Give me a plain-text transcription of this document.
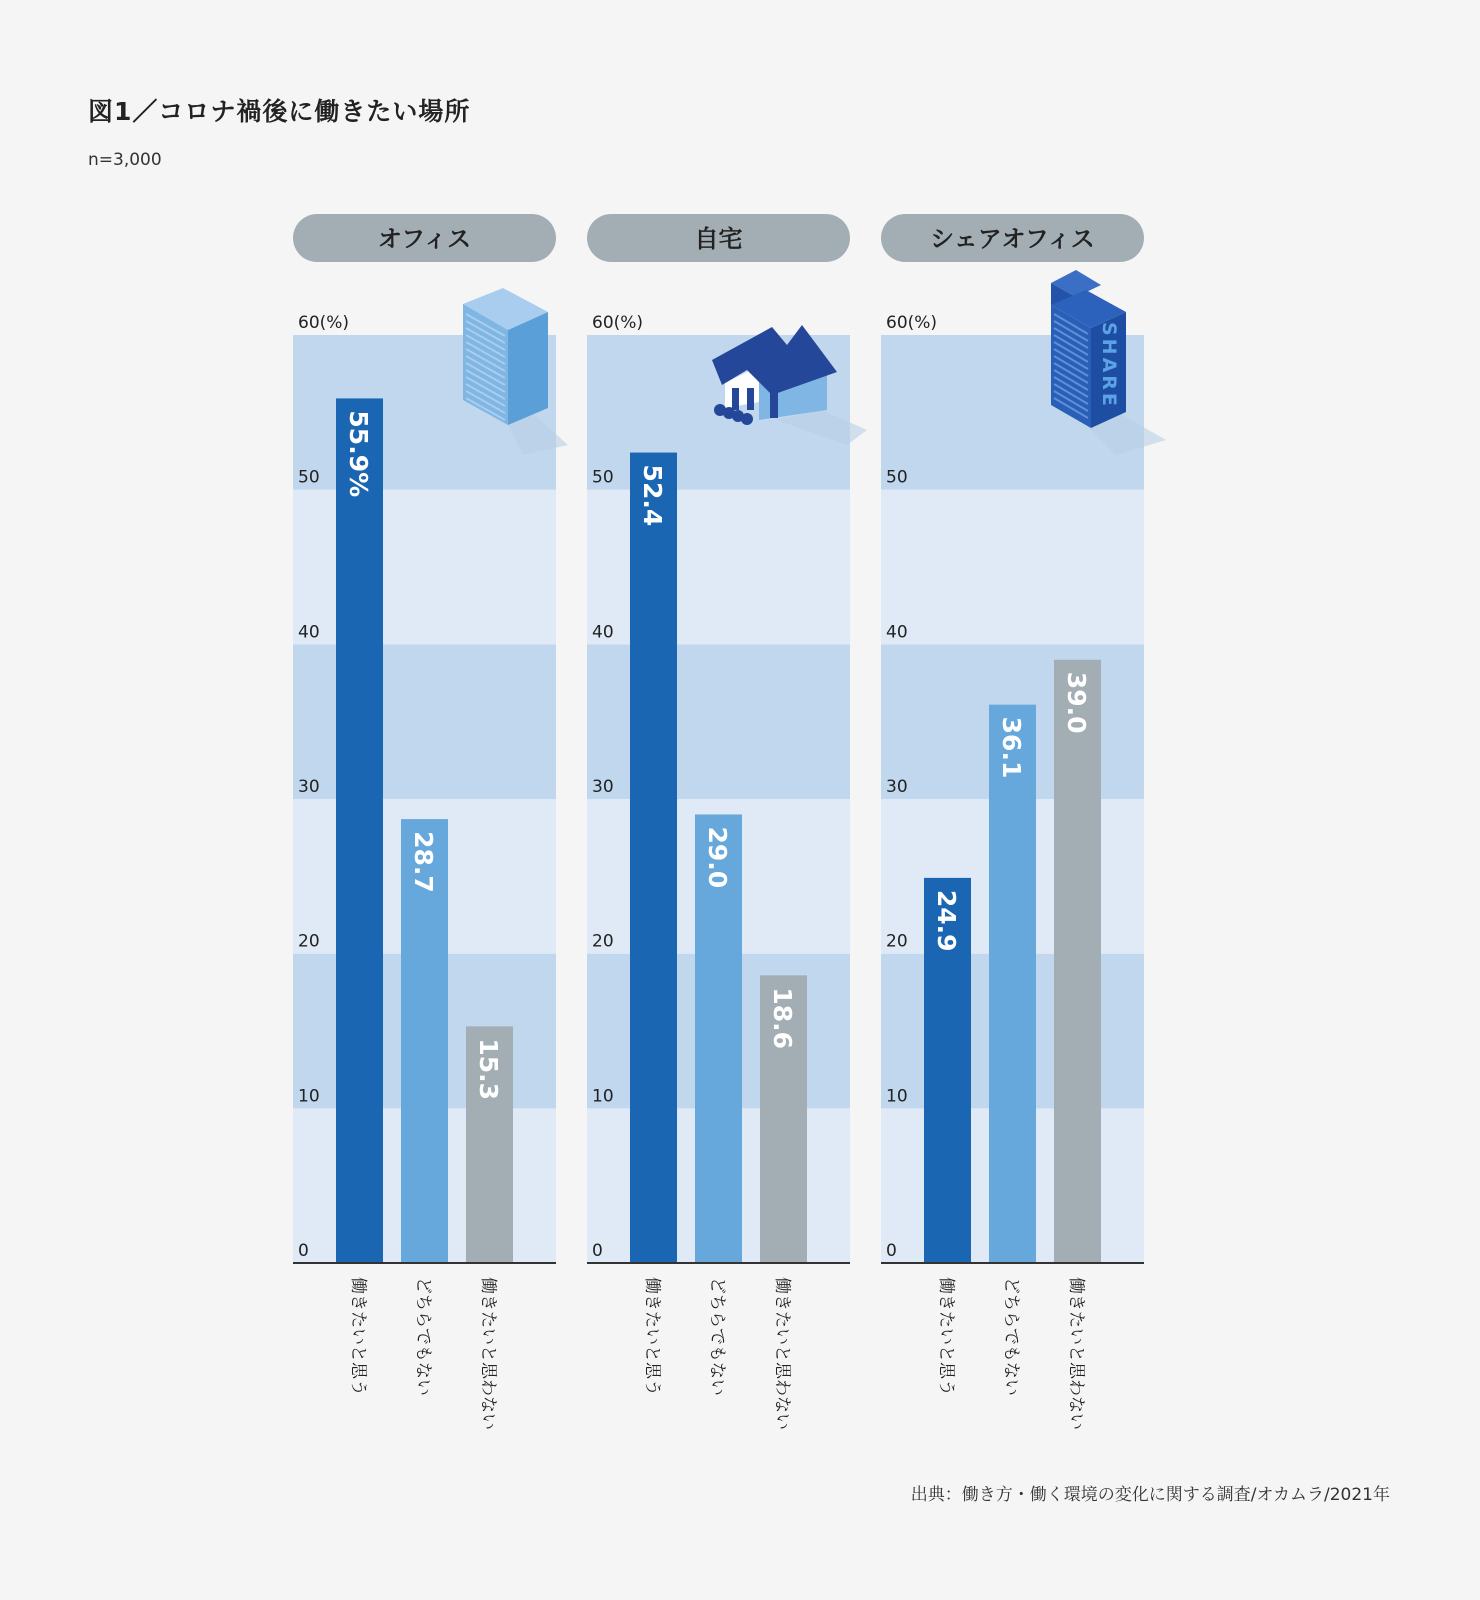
図1／コロナ禍後に働きたい場所
n=3,000
オフィス
0
10
20
30
40
50
60(%)
55.9%
働きたいと思う
28.7
どちらでもない
15.3
働きたいと思わない
自宅
0
10
20
30
40
50
60(%)
52.4
働きたいと思う
29.0
どちらでもない
18.6
働きたいと思わない
シェアオフィス
0
10
20
30
40
50
60(%)	SHARE
24.9
働きたいと思う
36.1
どちらでもない
39.0
働きたいと思わない
出典：働き方・働く環境の変化に関する調査/オカムラ/2021年
